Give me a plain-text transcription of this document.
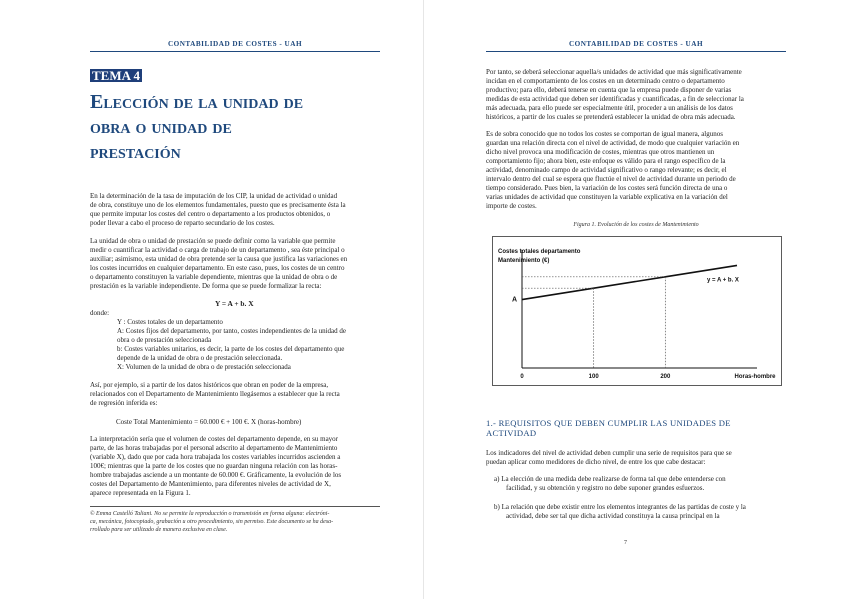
CONTABILIDAD DE COSTES - UAH
TEMA 4
Elección de la unidad de
obra o unidad de
prestación
En la determinación de la tasa de imputación de los CIP, la unidad de actividad o unidad
de obra, constituye uno de los elementos fundamentales, puesto que es precisamente ésta la
que permite imputar los costes del centro o departamento a los productos obtenidos, o
poder llevar a cabo el proceso de reparto secundario de los costes.
La unidad de obra o unidad de prestación se puede definir como la variable que permite
medir o cuantificar la actividad o carga de trabajo de un departamento , sea éste principal o
auxiliar; asimismo, esta unidad de obra pretende ser la causa que justifica las variaciones en
los costes incurridos en cualquier departamento. En este caso, pues, los costes de un centro
o departamento constituyen la variable dependiente, mientras que la unidad de obra o de
prestación es la variable independiente. De forma que se puede formalizar la recta:
Y = A + b. X
donde:
Y : Costes totales de un departamento
A: Costes fijos del departamento, por tanto, costes independientes de la unidad de
obra o de prestación seleccionada
b: Costes variables unitarios, es decir, la parte de los costes del departamento que
depende de la unidad de obra o de prestación seleccionada.
X: Volumen de la unidad de obra o de prestación seleccionada
Así, por ejemplo, si a partir de los datos históricos que obran en poder de la empresa,
relacionados con el Departamento de Mantenimiento llegásemos a establecer que la recta
de regresión inferida es:
Coste Total Mantenimiento = 60.000 € + 100 €. X (horas-hombre)
La interpretación sería que el volumen de costes del departamento depende, en su mayor
parte, de las horas trabajadas por el personal adscrito al departamento de Mantenimiento
(variable X), dado que por cada hora trabajada los costes variables incurridos ascienden a
100€; mientras que la parte de los costes que no guardan ninguna relación con las horas-
hombre trabajadas asciende a un montante de 60.000 €. Gráficamente, la evolución de los
costes del Departamento de Mantenimiento, para diferentes niveles de actividad de X,
aparece representada en la Figura 1.
© Emma Castelló Taliani. No se permite la reproducción o transmisión en forma alguna: electróni-
ca, mecánica, fotocopiado, grabación u otro procedimiento, sin permiso. Este documento se ha desa-
rrollado para ser utilizado de manera exclusiva en clase.
CONTABILIDAD DE COSTES - UAH
Por tanto, se deberá seleccionar aquella/s unidades de actividad que más significativamente
incidan en el comportamiento de los costes en un determinado centro o departamento
productivo; para ello, deberá tenerse en cuenta que la empresa puede disponer de varias
medidas de esta actividad que deben ser identificadas y cuantificadas, a fin de seleccionar la
más adecuada, para ello puede ser especialmente útil, proceder a un análisis de los datos
históricos, a partir de los cuales se pretenderá establecer la unidad de obra más adecuada.
Es de sobra conocido que no todos los costes se comportan de igual manera, algunos
guardan una relación directa con el nivel de actividad, de modo que cualquier variación en
dicho nivel provoca una modificación de costes, mientras que otros mantienen un
comportamiento fijo; ahora bien, este enfoque es válido para el rango específico de la
actividad, denominado campo de actividad significativo o rango relevante; es decir, el
intervalo dentro del cual se espera que fluctúe el nivel de actividad durante un periodo de
tiempo considerado. Pues bien, la variación de los costes será función directa de una o
varias unidades de actividad que constituyen la variable explicativa en la variación del
importe de costes.
Figura 1. Evolución de los costes de Mantenimiento
Costes totales departamento
Mantenimiento (€)
0	100	200	Horas-hombre
A
y = A + b. X
1.- REQUISITOS QUE DEBEN CUMPLIR LAS UNIDADES DE
ACTIVIDAD
Los indicadores del nivel de actividad deben cumplir una serie de requisitos para que se
puedan aplicar como medidores de dicho nivel, de entre los que cabe destacar:
a) La elección de una medida debe realizarse de forma tal que debe entenderse con
facilidad, y su obtención y registro no debe suponer grandes esfuerzos.
b) La relación que debe existir entre los elementos integrantes de las partidas de coste y la
actividad, debe ser tal que dicha actividad constituya la causa principal en la
7
